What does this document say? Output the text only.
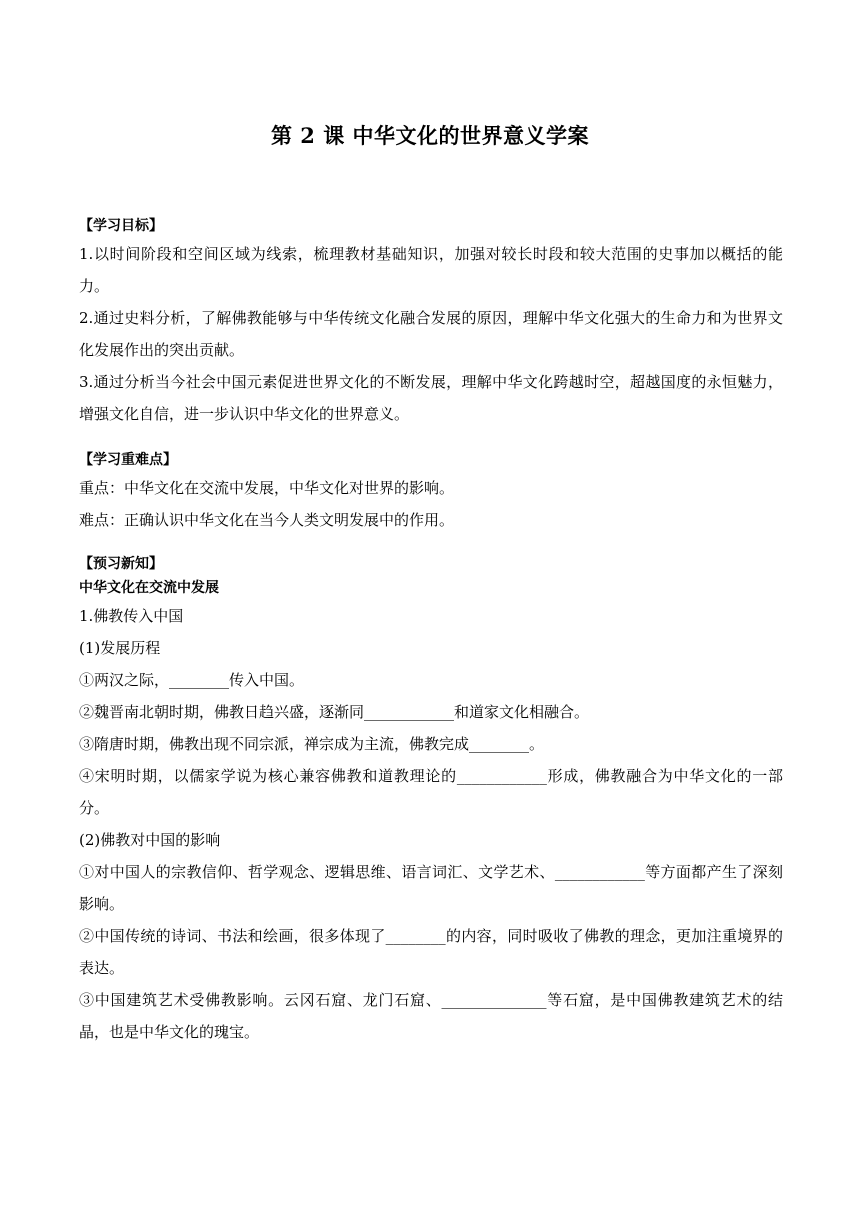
第 2 课 中华文化的世界意义学案

【学习目标】

1.以时间阶段和空间区域为线索，梳理教材基础知识，加强对较长时段和较大范围的史事加以概括的能力。

2.通过史料分析，了解佛教能够与中华传统文化融合发展的原因，理解中华文化强大的生命力和为世界文化发展作出的突出贡献。

3.通过分析当今社会中国元素促进世界文化的不断发展，理解中华文化跨越时空，超越国度的永恒魅力，增强文化自信，进一步认识中华文化的世界意义。

【学习重难点】

重点：中华文化在交流中发展，中华文化对世界的影响。

难点：正确认识中华文化在当今人类文明发展中的作用。

【预习新知】

中华文化在交流中发展

1.佛教传入中国

(1)发展历程

①两汉之际，________传入中国。

②魏晋南北朝时期，佛教日趋兴盛，逐渐同____________和道家文化相融合。

③隋唐时期，佛教出现不同宗派，禅宗成为主流，佛教完成________。

④宋明时期，以儒家学说为核心兼容佛教和道教理论的____________形成，佛教融合为中华文化的一部分。

(2)佛教对中国的影响

①对中国人的宗教信仰、哲学观念、逻辑思维、语言词汇、文学艺术、____________等方面都产生了深刻影响。

②中国传统的诗词、书法和绘画，很多体现了________的内容，同时吸收了佛教的理念，更加注重境界的表达。

③中国建筑艺术受佛教影响。云冈石窟、龙门石窟、______________等石窟，是中国佛教建筑艺术的结晶，也是中华文化的瑰宝。
